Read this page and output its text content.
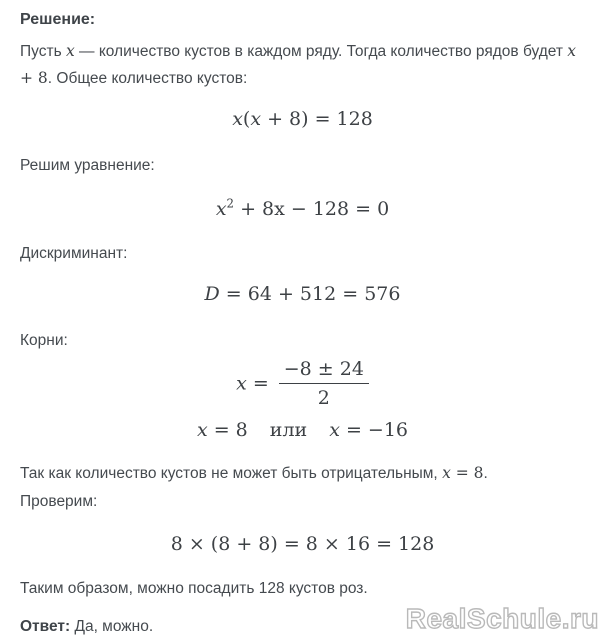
Решение:

Пусть x — количество кустов в каждом ряду. Тогда количество рядов будет x + 8. Общее количество кустов:

x(x + 8) = 128

Решим уравнение:

$x^2 + 8x - 128 = 0$

Дискриминант:

D = 64 + 512 = 576

Корни:

$x = \frac{-8 \pm 24}{2}$
x = 8 или x = −16

Так как количество кустов не может быть отрицательным, x = 8.

Проверим:

8 × (8 + 8) = 8 × 16 = 128

Таким образом, можно посадить 128 кустов роз.

Ответ: Да, можно.	RealSchule.ru
